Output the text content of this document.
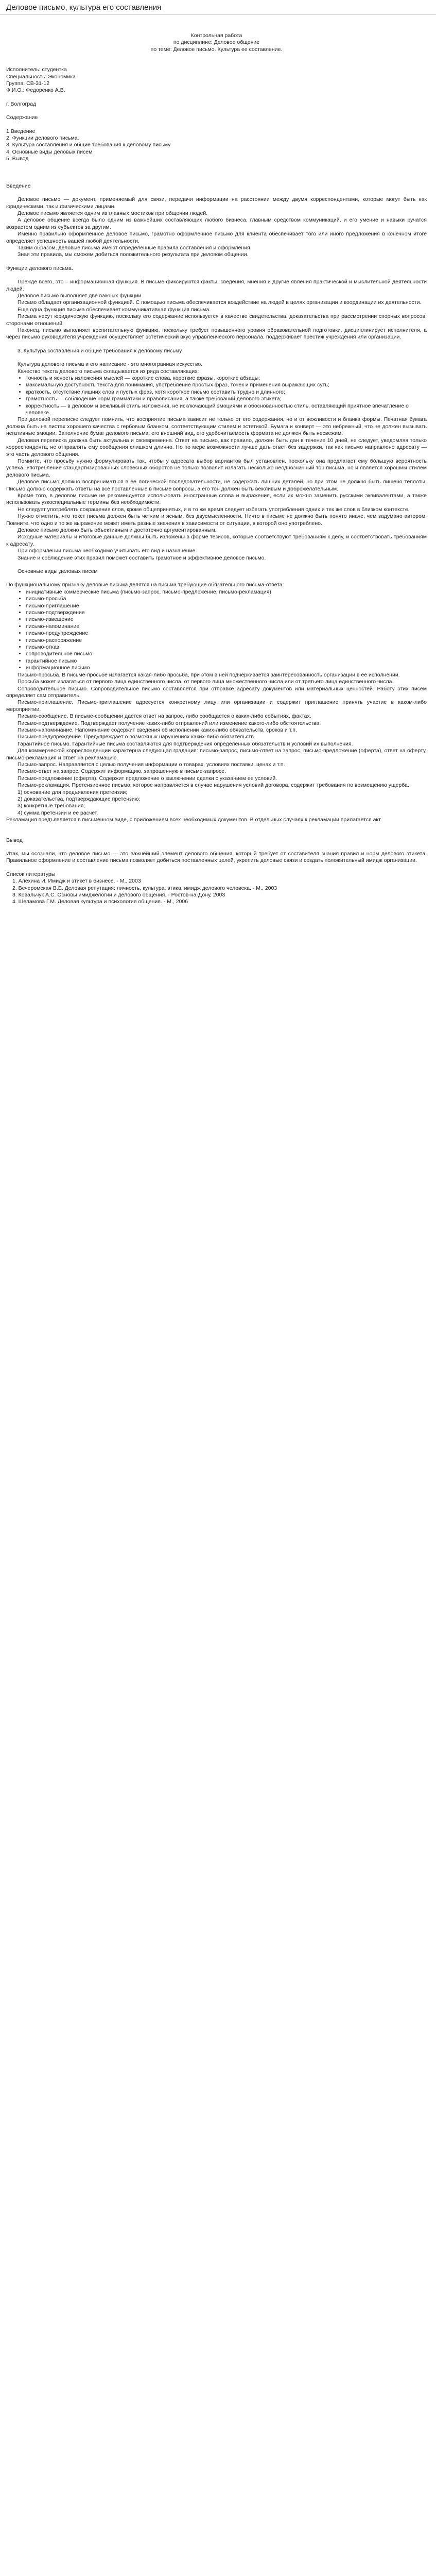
Деловое письмо, культура его составления

Контрольная работа

по дисциплине: Деловое общение

по теме: Деловое письмо. Культура ее составление.

Исполнитель: студентка

Специальность: Экономика

Группа: СВ-31-12

Ф.И.О.: Федоренко А.В.

г. Волгоград

Содержание

1.Введение

2. Функции делового письма.

3. Культура составления и общие требования к деловому письму

4. Основные виды деловых писем

5. Вывод

Введение

Деловое письмо — документ, применяемый для связи, передачи информации на расстоянии между двумя корреспондентами, которые могут быть как юридическими, так и физическими лицами.

Деловое письмо является одним из главных мостиков при общении людей.

А деловое общение всегда было одним из важнейших составляющих любого бизнеса, главным средством коммуникаций, и его умение и навыки ручатся возрастом одним из субъектов за другим.

Именно правильно оформленное деловое письмо, грамотно оформленное письмо для клиента обеспечивает того или иного предложения в конечном итоге определяет успешность вашей любой деятельности.

Таким образом, деловые письма имеют определенные правила составления и оформления.

Зная эти правила, мы сможем добиться положительного результата при деловом общении.

Функции делового письма.

Прежде всего, это – информационная функция. В письме фиксируются факты, сведения, мнения и другие явления практической и мыслительной деятельности людей.

Деловое письмо выполняет две важных функции.

Письмо обладает организационной функцией. С помощью письма обеспечивается воздействие на людей в целях организации и координации их деятельности.

Еще одна функция письма обеспечивает коммуникативная функция письма.

Письма несут юридическую функцию, поскольку его содержание используется в качестве свидетельства, доказательства при рассмотрении спорных вопросов, сторонами отношений.

Наконец, письмо выполняет воспитательную функцию, поскольку требует повышенного уровня образовательной подготовки, дисциплинирует исполнителя, а через письмо руководителя учреждения осуществляет эстетический вкус управленческого персонала, поддерживает престиж учреждения или организации.

3. Культура составления и общие требования к деловому письму

Культура делового письма и его написание - это многогранная искусство.

Качество текста делового письма складывается из ряда составляющих:

• точность и ясность изложения мыслей — короткие слова, короткие фразы, короткие абзацы;
• максимальную доступность текста для понимания, употребление простых фраз, точек и применения выражающих суть;
• краткость, отсутствие лишних слов и пустых фраз, хотя короткое письмо составить трудно и длинного;
• грамотность — соблюдение норм грамматики и правописания, а также требований делового этикета;
• корректность — в деловом и вежливый стиль изложения, не исключающий эмоциями и обоснованностью стиль, оставляющий приятное впечатление о человеке.

При деловой переписке следует помнить, что восприятие письма зависит не только от его содержания, но и от вежливости и бланка формы. Печатная бумага должна быть на листах хорошего качества с гербовым бланком, соответствующим стилем и эстетикой. Бумага и конверт — это небрежный, что не должен вызывать негативные эмоции. Заполнение бумаг делового письма, его внешний вид, его удобочитаемость формата не должен быть несвежим.

Деловая переписка должна быть актуальна и своевременна. Ответ на письмо, как правило, должен быть дан в течение 10 дней, не следует, уведомляя только корреспондента, не отправлять ему сообщения слишком длинно. Но по мере возможности лучше дать ответ без задержки, так как письмо направлено адресату — это часть делового общения.

Помните, что просьбу нужно формулировать так, чтобы у адресата выбор вариантов был установлен, поскольку она предлагает ему бóльшую вероятность успеха. Употребление стандартизированных словесных оборотов не только позволит излагать несколько неоднозначный тон письма, но и является хорошим стилем делового письма.

Деловое письмо должно восприниматься в ее логической последовательности, не содержать лишних деталей, но при этом не должно быть лишено теплоты. Письмо должно содержать ответы на все поставленные в письме вопросы, а его тон должен быть вежливым и доброжелательным.

Кроме того, в деловом письме не рекомендуется использовать иностранные слова и выражения, если их можно заменить русскими эквивалентами, а также использовать узкоспециальные термины без необходимости.

Не следует употреблять сокращения слов, кроме общепринятых, и в то же время следует избегать употребления одних и тех же слов в близком контексте.

Нужно отметить, что текст письма должен быть четким и ясным, без двусмысленности. Ничто в письме не должно быть понято иначе, чем задумано автором. Помните, что одно и то же выражение может иметь разные значения в зависимости от ситуации, в которой оно употреблено.

Деловое письмо должно быть объективным и достаточно аргументированным.

Исходные материалы и итоговые данные должны быть изложены в форме тезисов, которые соответствуют требованиям к делу, и соответствовать требованиям к адресату.

При оформлении письма необходимо учитывать его вид и назначение.

Знание и соблюдение этих правил поможет составить грамотное и эффективное деловое письмо.

Основные виды деловых писем

По функциональному признаку деловые письма делятся на письма требующие обязательного письма-ответа:

• инициативные коммерческие письма (письмо-запрос, письмо-предложение, письмо-рекламация)
• письмо-просьба
• письмо-приглашение
• письмо-подтверждение
• письмо-извещение
• письмо-напоминание
• письмо-предупреждение
• письмо-распоряжение
• письмо-отказ
• сопроводительное письмо
• гарантийное письмо
• информационное письмо

Письмо-просьба. В письме-просьбе излагается какая-либо просьба, при этом в ней подчеркивается заинтересованность организации в ее исполнении.

Просьба может излагаться от первого лица единственного числа, от первого лица множественного числа или от третьего лица единственного числа.

Сопроводительное письмо. Сопроводительное письмо составляется при отправке адресату документов или материальных ценностей. Работу этих писем определяет сам отправитель.

Письмо-приглашение. Письмо-приглашение адресуется конкретному лицу или организации и содержит приглашение принять участие в каком-либо мероприятии.

Письмо-сообщение. В письме-сообщении дается ответ на запрос, либо сообщается о каких-либо событиях, фактах.

Письмо-подтверждение. Подтверждает получение каких-либо отправлений или изменение какого-либо обстоятельства.

Письмо-напоминание. Напоминание содержит сведения об исполнении каких-либо обязательств, сроков и т.п.

Письмо-предупреждение. Предупреждает о возможных нарушениях каких-либо обязательств.

Гарантийное письмо. Гарантийные письма составляются для подтверждения определенных обязательств и условий их выполнения.

Для коммерческой корреспонденции характерна следующая градация: письмо-запрос, письмо-ответ на запрос, письмо-предложение (оферта), ответ на оферту, письмо-рекламация и ответ на рекламацию.

Письмо-запрос. Направляется с целью получения информации о товарах, условиях поставки, ценах и т.п.

Письмо-ответ на запрос. Содержит информацию, запрошенную в письме-запросе.

Письмо-предложение (оферта). Содержит предложение о заключении сделки с указанием ее условий.

Письмо-рекламация. Претензионное письмо, которое направляется в случае нарушения условий договора, содержит требования по возмещению ущерба.

1) основание для предъявления претензии;

2) доказательства, подтверждающие претензию;

3) конкретные требования;

4) сумма претензии и ее расчет.

Рекламация предъявляется в письменном виде, с приложением всех необходимых документов. В отдельных случаях к рекламации прилагается акт.

Вывод

Итак, мы осознали, что деловое письмо — это важнейший элемент делового общения, который требует от составителя знания правил и норм делового этикета. Правильное оформление и составление письма позволяет добиться поставленных целей, укрепить деловые связи и создать положительный имидж организации.

Список литературы

1. Алехина И. Имидж и этикет в бизнесе. - М., 2003

2. Вечеромская В.Е. Деловая репутация: личность, культура, этика, имидж делового человека. - М., 2003

3. Ковальчук А.С. Основы имиджелогии и делового общения. - Ростов-на-Дону, 2003

4. Шеламова Г.М. Деловая культура и психология общения. - М., 2006
